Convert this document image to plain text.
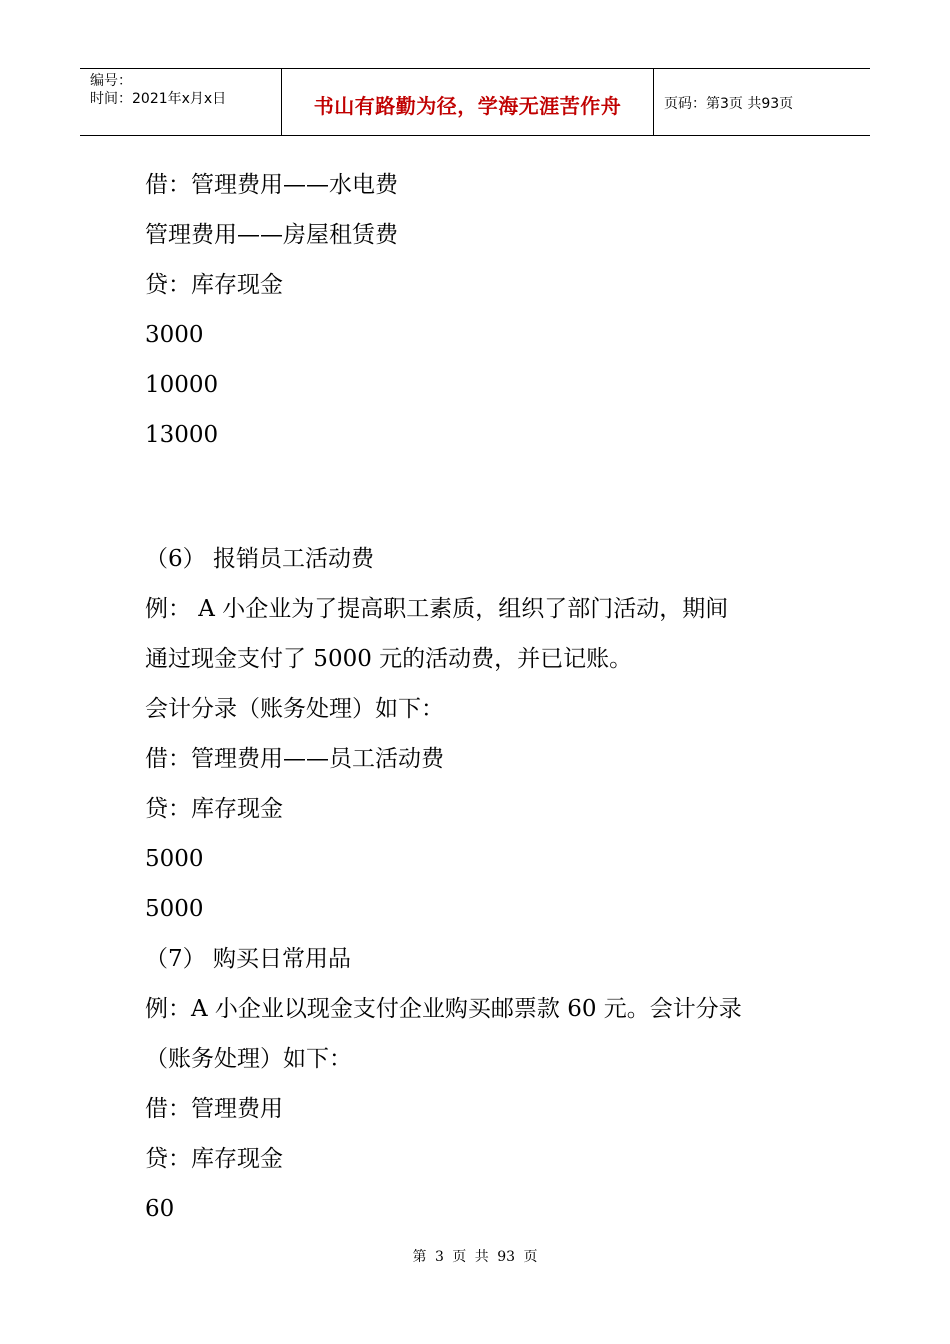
编号：
时间：2021年x月x日	书山有路勤为径，学海无涯苦作舟	页码：第3页 共93页
借：管理费用——水电费
管理费用——房屋租赁费
贷：库存现金
3000
10000
13000
（6） 报销员工活动费
例： A 小企业为了提高职工素质，组织了部门活动，期间
通过现金支付了 5000 元的活动费，并已记账。
会计分录（账务处理）如下：
借：管理费用——员工活动费
贷：库存现金
5000
5000
（7） 购买日常用品
例：A 小企业以现金支付企业购买邮票款 60 元。会计分录
（账务处理）如下：
借：管理费用
贷：库存现金
60
第 3 页 共 93 页
